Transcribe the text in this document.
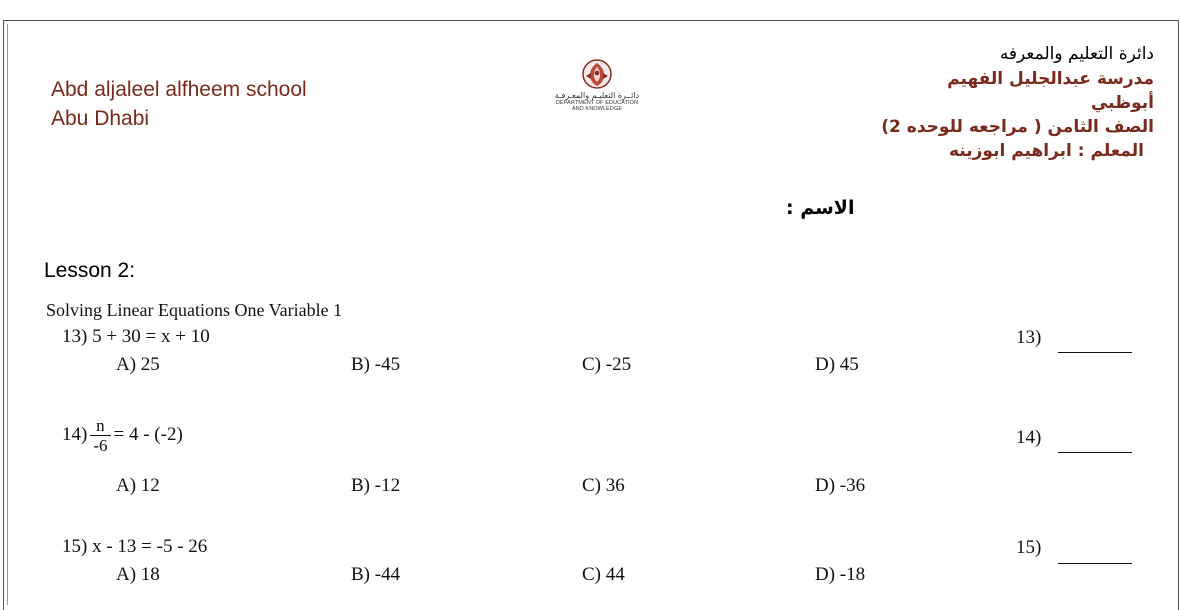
Abd aljaleel alfheem school
Abu Dhabi
دائــرة التعليـم والمعـرفـة
DEPARTMENT OF EDUCATION
AND KNOWLEDGE
دائرة التعليم والمعرفه
مدرسة عبدالجليل الفهيم
أبوظبي
الصف الثامن ( مراجعه للوحده 2)
المعلم : ابراهيم ابوزينه
الاسم :
Lesson 2:
Solving Linear Equations One Variable 1
13) 5 + 30 = x + 10
A) 25	B) -45	C) -25	D) 45
13)
$14) \frac{n}{-6} = 4 - (-2)$
A) 12	B) -12	C) 36	D) -36
14)
15) x - 13 = -5 - 26
A) 18	B) -44	C) 44	D) -18
15)
